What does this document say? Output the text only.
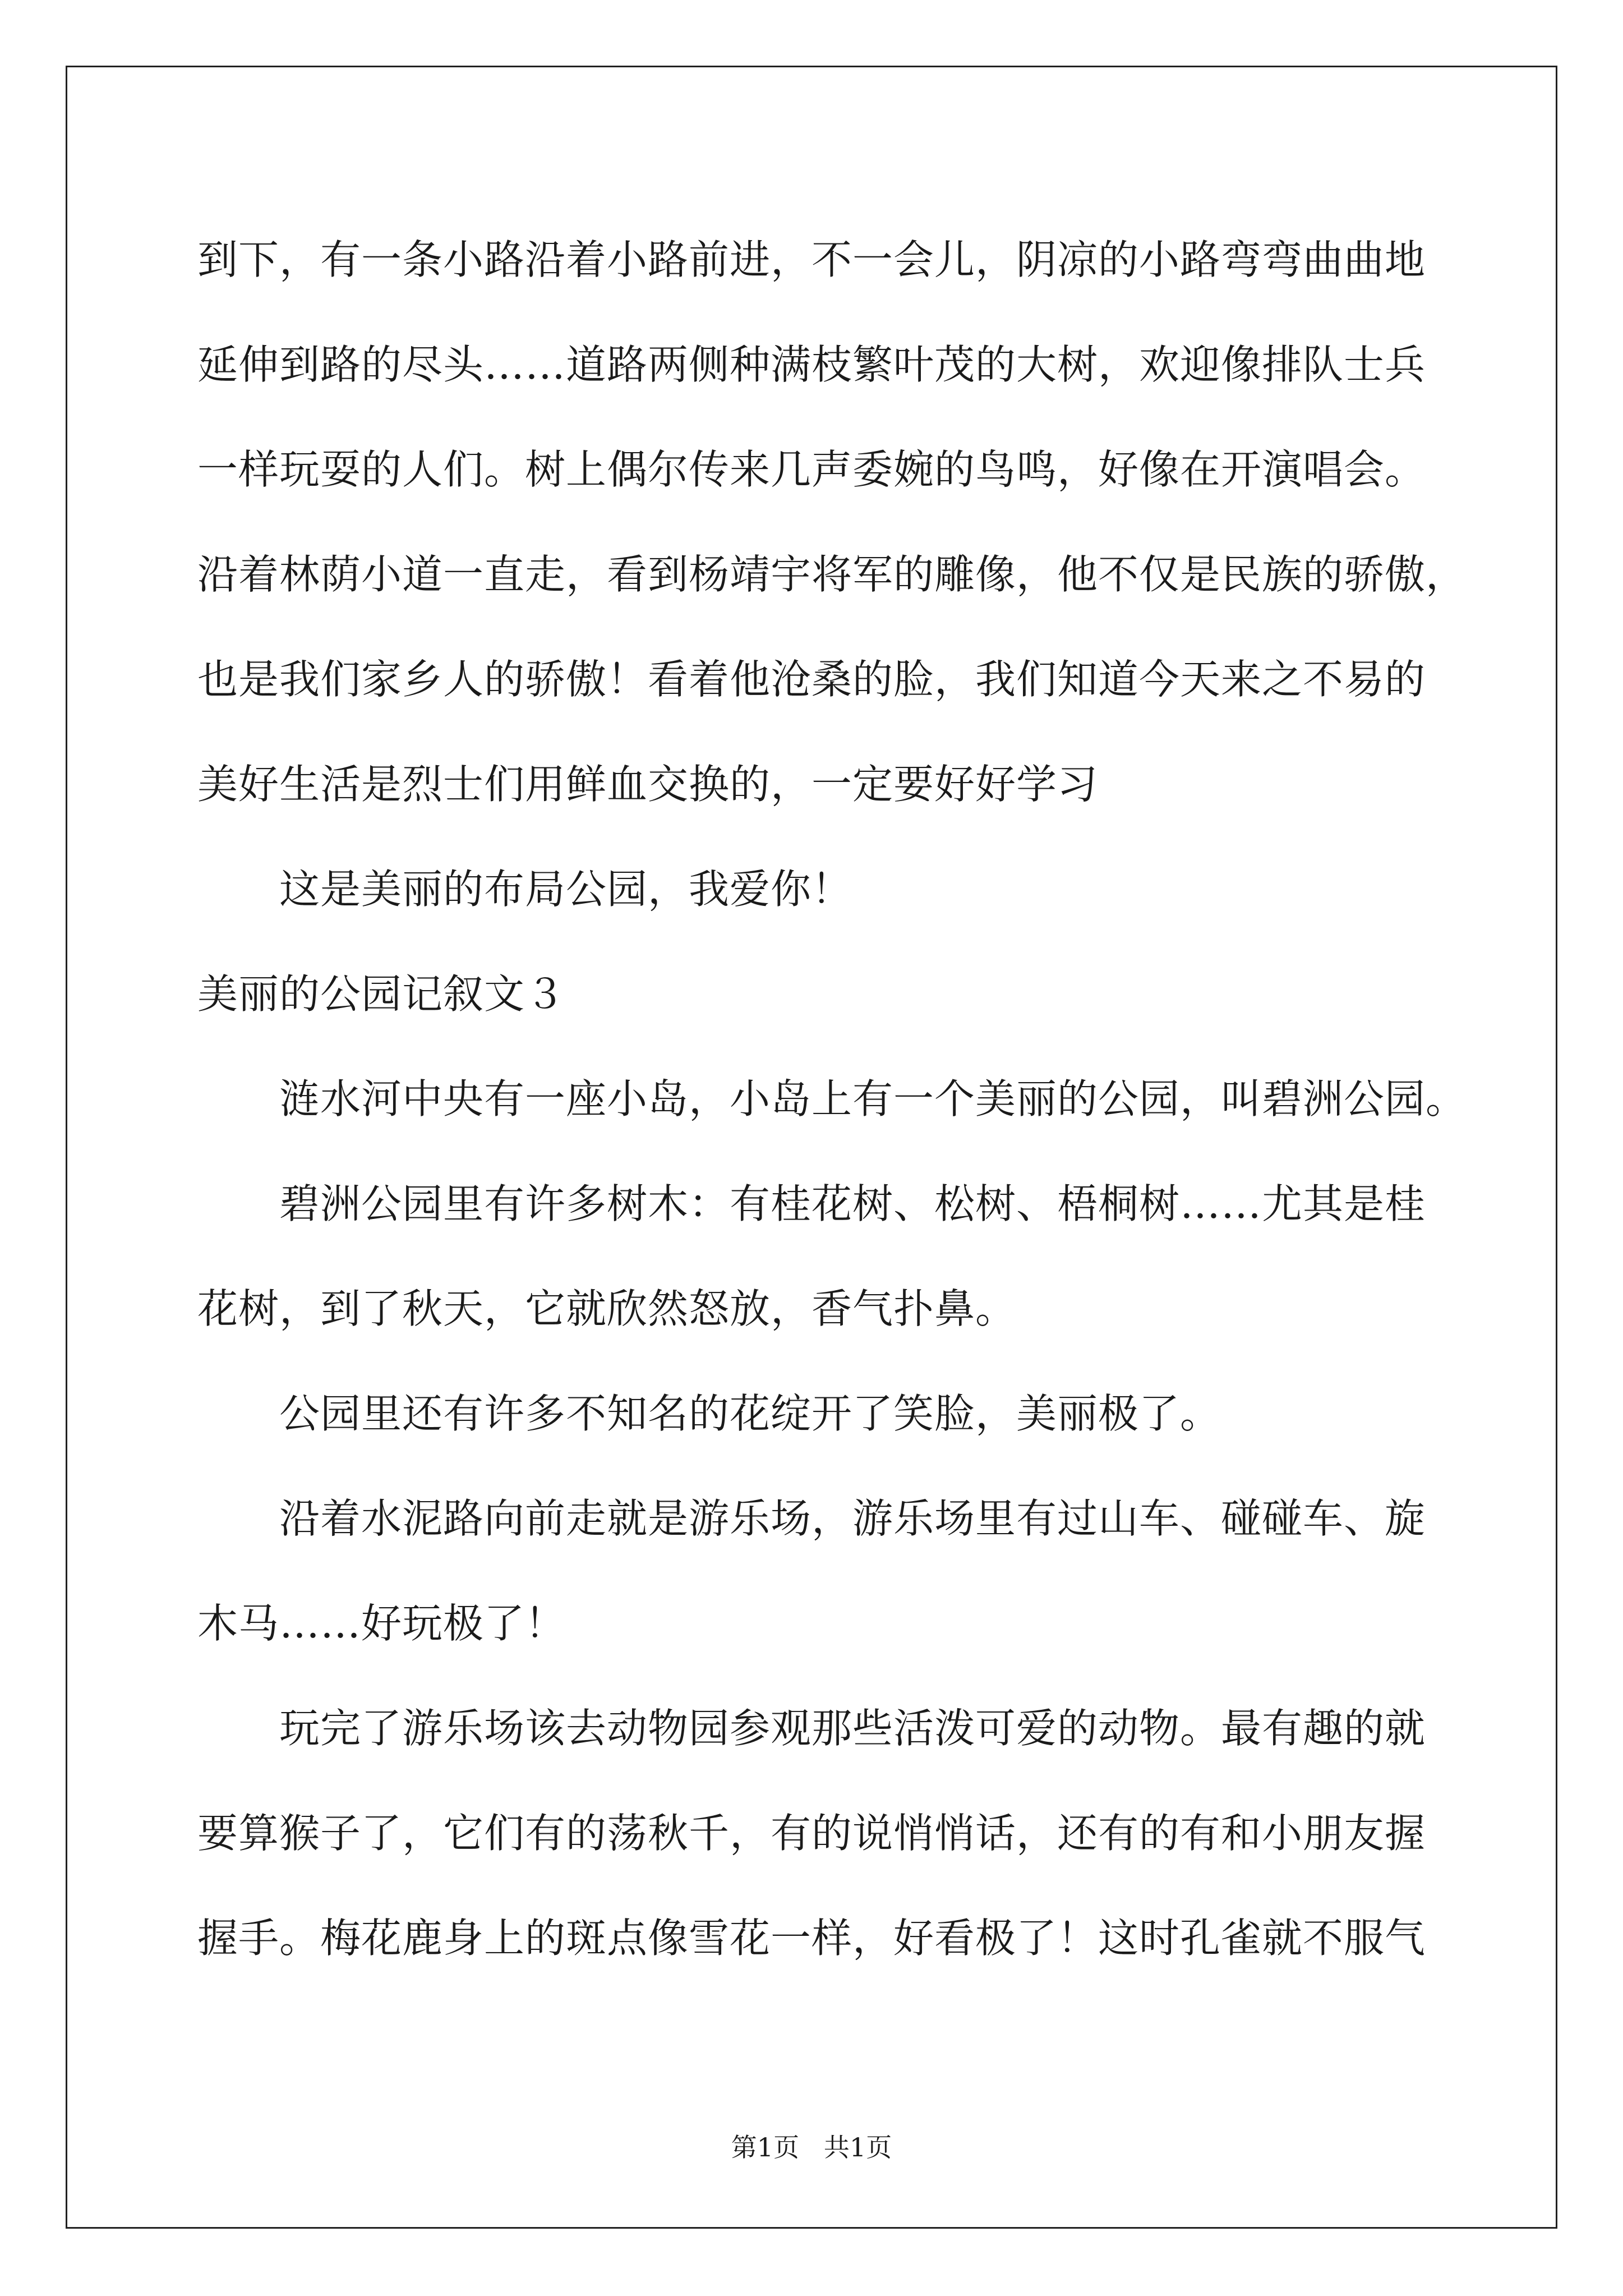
到下，有一条小路沿着小路前进，不一会儿，阴凉的小路弯弯曲曲地
延伸到路的尽头……道路两侧种满枝繁叶茂的大树，欢迎像排队士兵
一样玩耍的人们。树上偶尔传来几声委婉的鸟鸣，好像在开演唱会。
沿着林荫小道一直走，看到杨靖宇将军的雕像，他不仅是民族的骄傲，
也是我们家乡人的骄傲！看着他沧桑的脸，我们知道今天来之不易的
美好生活是烈士们用鲜血交换的，一定要好好学习
这是美丽的布局公园，我爱你！
美丽的公园记叙文３
涟水河中央有一座小岛，小岛上有一个美丽的公园，叫碧洲公园。
碧洲公园里有许多树木：有桂花树、松树、梧桐树……尤其是桂
花树，到了秋天，它就欣然怒放，香气扑鼻。
公园里还有许多不知名的花绽开了笑脸，美丽极了。
沿着水泥路向前走就是游乐场，游乐场里有过山车、碰碰车、旋
木马……好玩极了！
玩完了游乐场该去动物园参观那些活泼可爱的动物。最有趣的就
要算猴子了，它们有的荡秋千，有的说悄悄话，还有的有和小朋友握
握手。梅花鹿身上的斑点像雪花一样，好看极了！这时孔雀就不服气
第1页   共1页
